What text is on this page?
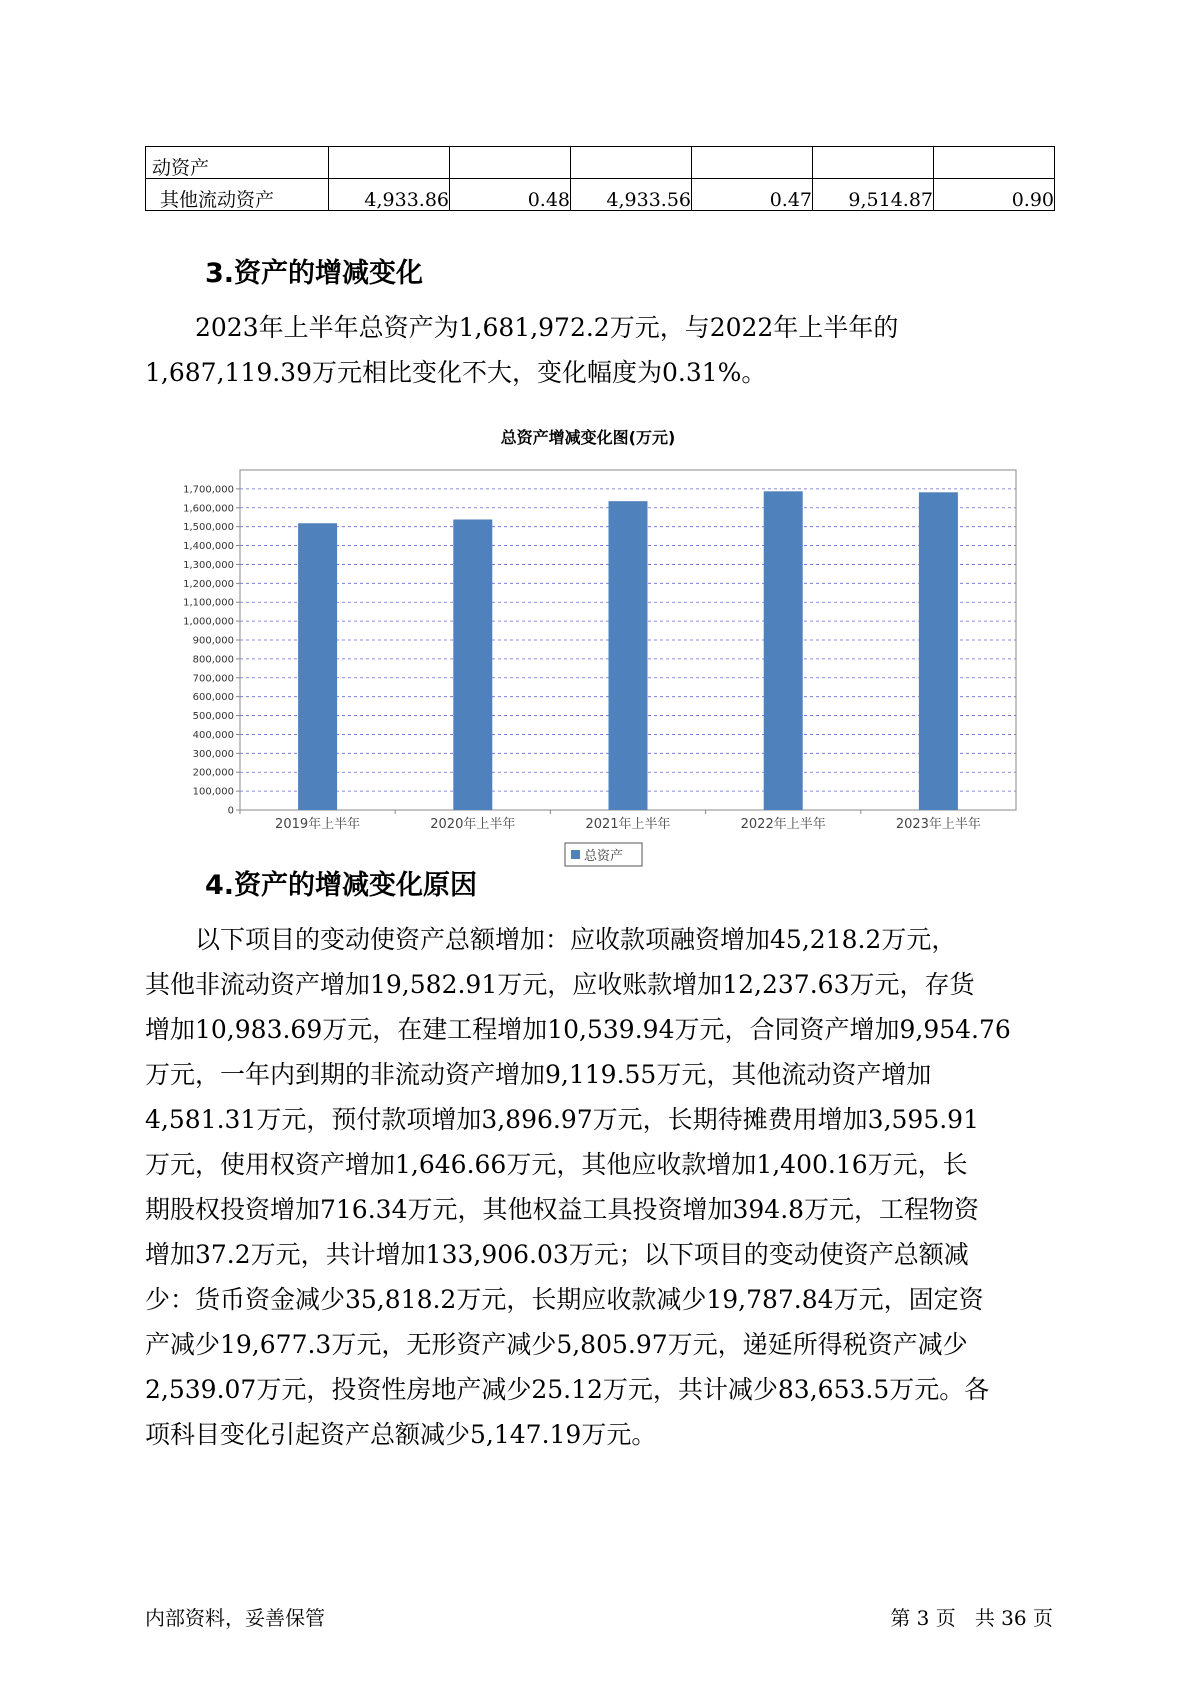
动资产						
其他流动资产	4,933.86	0.48	4,933.56	0.47	9,514.87	0.90
3.资产的增减变化

2023年上半年总资产为1,681,972.2万元，与2022年上半年的

1,687,119.39万元相比变化不大，变化幅度为0.31%。

总资产增减变化图(万元)
0
100,000
200,000
300,000
400,000
500,000
600,000
700,000
800,000
900,000
1,000,000
1,100,000
1,200,000
1,300,000
1,400,000
1,500,000
1,600,000
1,700,000
2019年上半年	2020年上半年	2021年上半年	2022年上半年	2023年上半年
总资产
4.资产的增减变化原因

以下项目的变动使资产总额增加：应收款项融资增加45,218.2万元，

其他非流动资产增加19,582.91万元，应收账款增加12,237.63万元，存货

增加10,983.69万元，在建工程增加10,539.94万元，合同资产增加9,954.76

万元，一年内到期的非流动资产增加9,119.55万元，其他流动资产增加

4,581.31万元，预付款项增加3,896.97万元，长期待摊费用增加3,595.91

万元，使用权资产增加1,646.66万元，其他应收款增加1,400.16万元，长

期股权投资增加716.34万元，其他权益工具投资增加394.8万元，工程物资

增加37.2万元，共计增加133,906.03万元；以下项目的变动使资产总额减

少：货币资金减少35,818.2万元，长期应收款减少19,787.84万元，固定资

产减少19,677.3万元，无形资产减少5,805.97万元，递延所得税资产减少

2,539.07万元，投资性房地产减少25.12万元，共计减少83,653.5万元。各

项科目变化引起资产总额减少5,147.19万元。

内部资料，妥善保管	第 3 页   共 36 页
